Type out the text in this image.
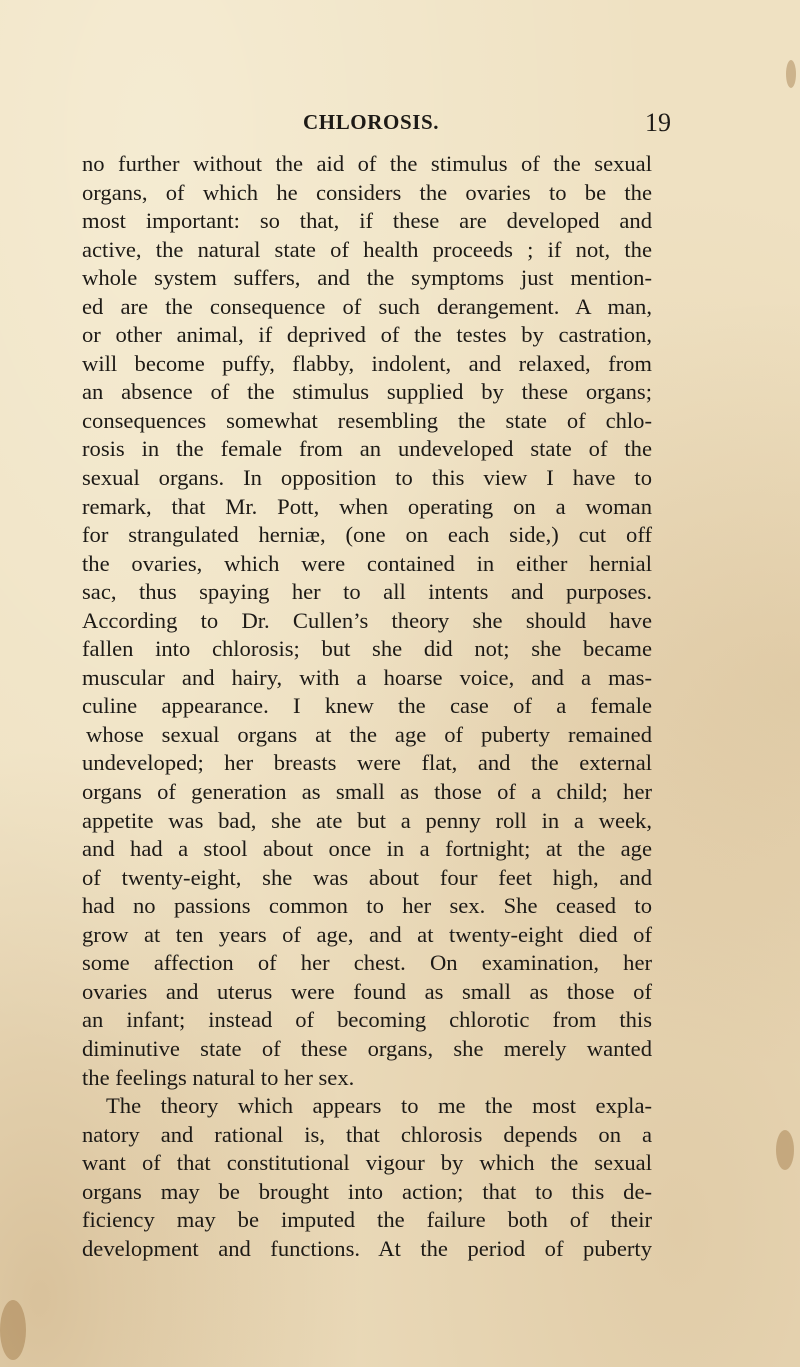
CHLOROSIS.	19
no further without the aid of the stimulus of the sexual
organs, of which he considers the ovaries to be the
most important: so that, if these are developed and
active, the natural state of health proceeds ; if not, the
whole system suffers, and the symptoms just mention-
ed are the consequence of such derangement. A man,
or other animal, if deprived of the testes by castration,
will become puffy, flabby, indolent, and relaxed, from
an absence of the stimulus supplied by these organs;
consequences somewhat resembling the state of chlo-
rosis in the female from an undeveloped state of the
sexual organs. In opposition to this view I have to
remark, that Mr. Pott, when operating on a woman
for strangulated herniæ, (one on each side,) cut off
the ovaries, which were contained in either hernial
sac, thus spaying her to all intents and purposes.
According to Dr. Cullen’s theory she should have
fallen into chlorosis; but she did not; she became
muscular and hairy, with a hoarse voice, and a mas-
culine appearance. I knew the case of a female
whose sexual organs at the age of puberty remained
undeveloped; her breasts were flat, and the external
organs of generation as small as those of a child; her
appetite was bad, she ate but a penny roll in a week,
and had a stool about once in a fortnight; at the age
of twenty-eight, she was about four feet high, and
had no passions common to her sex. She ceased to
grow at ten years of age, and at twenty-eight died of
some affection of her chest. On examination, her
ovaries and uterus were found as small as those of
an infant; instead of becoming chlorotic from this
diminutive state of these organs, she merely wanted
the feelings natural to her sex.
The theory which appears to me the most expla-
natory and rational is, that chlorosis depends on a
want of that constitutional vigour by which the sexual
organs may be brought into action; that to this de-
ficiency may be imputed the failure both of their
development and functions. At the period of puberty
